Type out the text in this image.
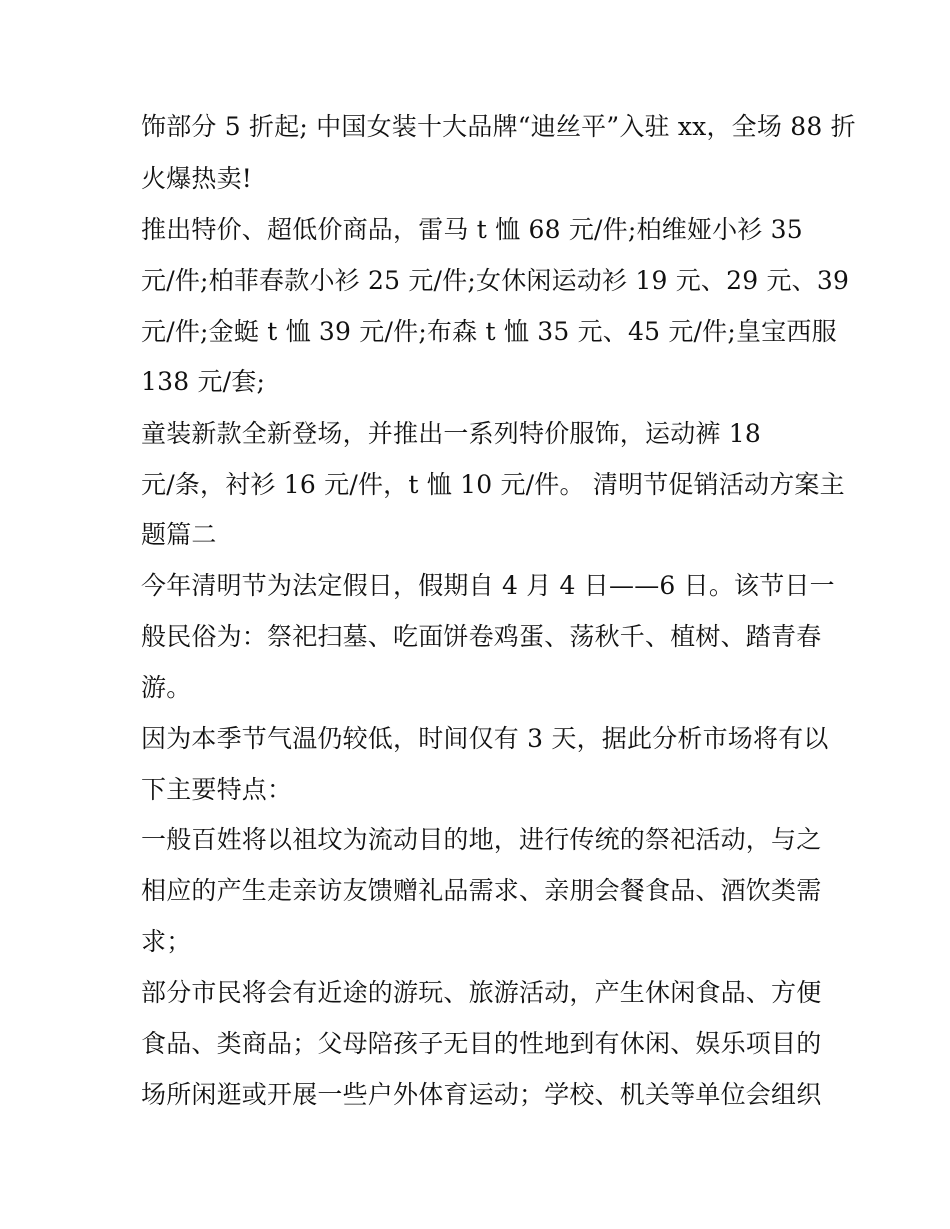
饰部分 5 折起; 中国女装十大品牌“迪丝平”入驻 xx，全场 88 折
火爆热卖!
推出特价、超低价商品，雷马 t 恤 68 元/件;柏维娅小衫 35
元/件;柏菲春款小衫 25 元/件;女休闲运动衫 19 元、29 元、39
元/件;金蜓 t 恤 39 元/件;布森 t 恤 35 元、45 元/件;皇宝西服
138 元/套;
童装新款全新登场，并推出一系列特价服饰，运动裤 18
元/条，衬衫 16 元/件，t 恤 10 元/件。 清明节促销活动方案主
题篇二
今年清明节为法定假日，假期自 4 月 4 日——6 日。该节日一
般民俗为：祭祀扫墓、吃面饼卷鸡蛋、荡秋千、植树、踏青春
游。
因为本季节气温仍较低，时间仅有 3 天，据此分析市场将有以
下主要特点：
一般百姓将以祖坟为流动目的地，进行传统的祭祀活动，与之
相应的产生走亲访友馈赠礼品需求、亲朋会餐食品、酒饮类需
求；
部分市民将会有近途的游玩、旅游活动，产生休闲食品、方便
食品、类商品；父母陪孩子无目的性地到有休闲、娱乐项目的
场所闲逛或开展一些户外体育运动；学校、机关等单位会组织
